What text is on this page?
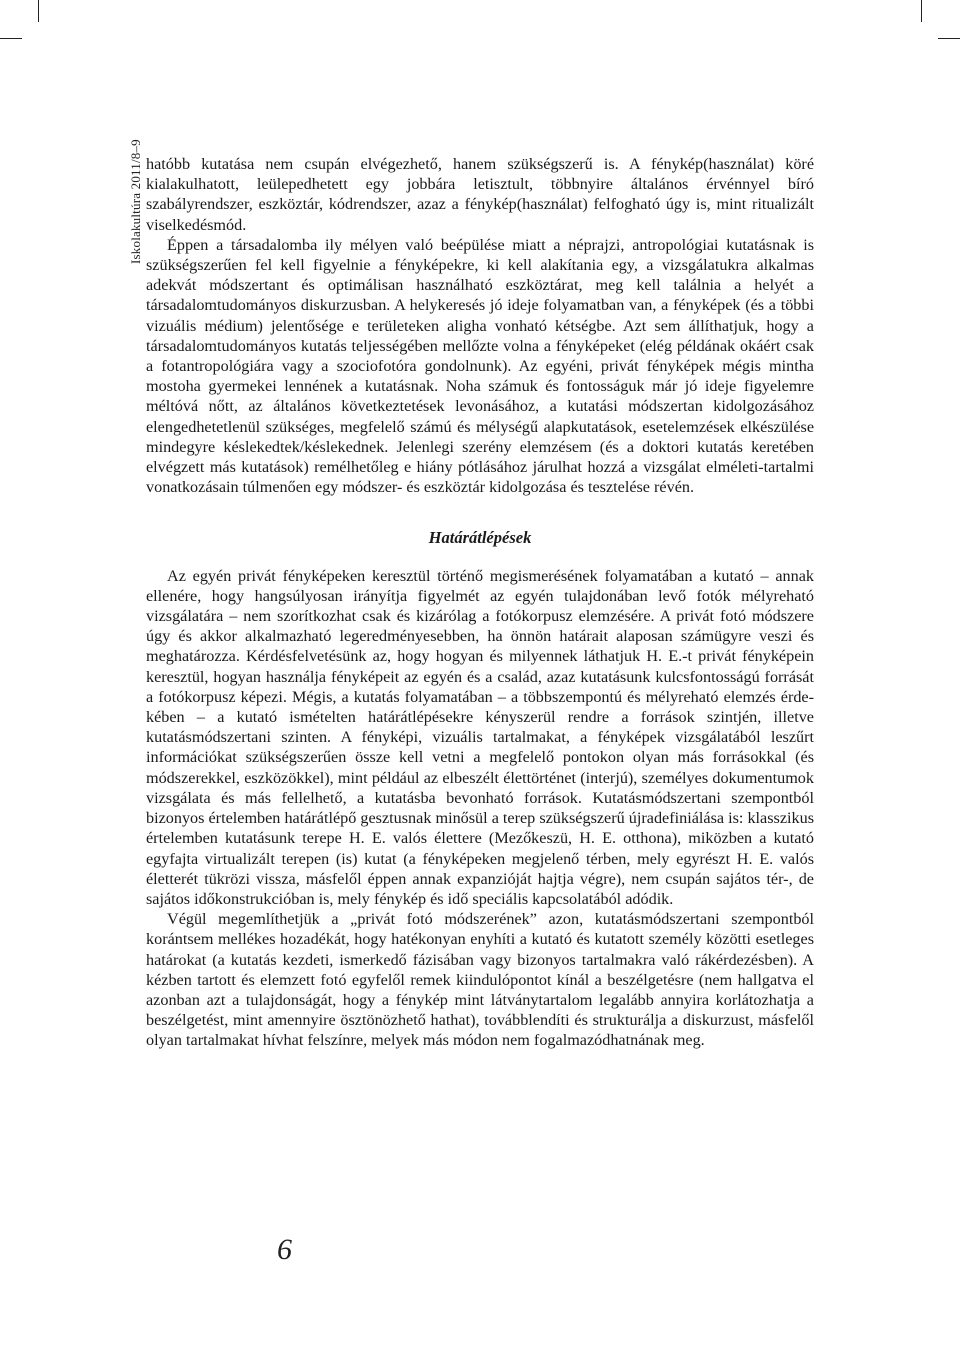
Iskolakultúra 2011/8–9 hatóbb kutatása nem csupán elvégezhető, hanem szükségszerű is. A fénykép(használat) köré kialakulhatott, leülepedhetett egy jobbára letisztult, többnyire általános érvénnyel bíró szabályrendszer, eszköztár, kódrendszer, azaz a fénykép(használat) felfogható úgy is, mint ritualizált viselkedésmód.

Éppen a társadalomba ily mélyen való beépülése miatt a néprajzi, antropológiai kutatásnak is szükségszerűen fel kell figyelnie a fényképekre, ki kell alakítania egy, a vizsgálatukra alkalmas adekvát módszertant és optimálisan használható eszköztárat, meg kell találnia a helyét a társadalomtudományos diskurzusban. A helykeresés jó ideje folyamatban van, a fényképek (és a többi vizuális médium) jelentősége e területeken aligha vonható kétségbe. Azt sem állíthatjuk, hogy a társadalomtudományos kutatás teljességében mellőzte volna a fényképeket (elég példának okáért csak a fotantropológiára vagy a szociofotóra gondolnunk). Az egyéni, privát fényképek mégis mintha mostoha gyermekei lennének a kutatásnak. Noha számuk és fontosságuk már jó ideje figyelemre méltóvá nőtt, az általános következtetések levonásához, a kutatási módszertan kidolgozásához elengedhetetlenül szükséges, megfelelő számú és mélységű alapkutatások, esetelemzések elkészülése mindegyre késlekedtek/késlekednek. Jelenlegi szerény elemzésem (és a doktori kutatás keretében elvégzett más kutatások) remélhetőleg e hiány pótlásához járulhat hozzá a vizsgálat elméleti-tartalmi vonatkozásain túlmenően egy módszer- és eszköztár kidolgozása és tesztelése révén.

Határátlépések

Az egyén privát fényképeken keresztül történő megismerésének folyamatában a kutató – annak ellenére, hogy hangsúlyosan irányítja figyelmét az egyén tulajdonában levő fotók mélyreható vizsgálatára – nem szorítkozhat csak és kizárólag a fotókorpusz elemzésére. A privát fotó módszere úgy és akkor alkalmazható legeredményesebben, ha önnön határait alaposan számügyre veszi és meghatározza. Kérdésfelvetésünk az, hogy hogyan és milyennek láthatjuk H. E.-t privát fényképein keresztül, hogyan használja fényképeit az egyén és a család, azaz kutatásunk kulcsfontosságú forrását a fotókorpusz képezi. Mégis, a kutatás folyamatában – a többszempontú és mélyreható elemzés érdekében – a kutató ismételten határátlépésekre kényszerül rendre a források szintjén, illetve kutatásmódszertani szinten. A fényképi, vizuális tartalmakat, a fényképek vizsgálatából leszűrt információkat szükségszerűen össze kell vetni a megfelelő pontokon olyan más forrásokkal (és módszerekkel, eszközökkel), mint például az elbeszélt élettörténet (interjú), személyes dokumentumok vizsgálata és más fellelhető, a kutatásba bevonható források. Kutatásmódszertani szempontból bizonyos értelemben határátlépő gesztusnak minősül a terep szükségszerű újradefiniálása is: klasszikus értelemben kutatásunk terepe H. E. valós élettere (Mezőkeszü, H. E. otthona), miközben a kutató egyfajta virtualizált terepen (is) kutat (a fényképeken megjelenő térben, mely egyrészt H. E. valós életterét tükrözi vissza, másfelől éppen annak expanzióját hajtja végre), nem csupán sajátos tér-, de sajátos időkonstrukcióban is, mely fénykép és idő speciális kapcsolatából adódik.

Végül megemlíthetjük a „privát fotó módszerének” azon, kutatásmódszertani szempontból korántsem mellékes hozadékát, hogy hatékonyan enyhíti a kutató és kutatott személy közötti esetleges határokat (a kutatás kezdeti, ismerkedő fázisában vagy bizonyos tartalmakra való rákérdezésben). A kézben tartott és elemzett fotó egyfelől remek kiindulópontot kínál a beszélgetésre (nem hallgatva el azonban azt a tulajdonságát, hogy a fénykép mint látványtartalom legalább annyira korlátozhatja a beszélgetést, mint amennyire ösztönözhető hathat), továbblendíti és strukturálja a diskurzust, másfelől olyan tartalmakat hívhat felszínre, melyek más módon nem fogalmazódhatnának meg.

6
